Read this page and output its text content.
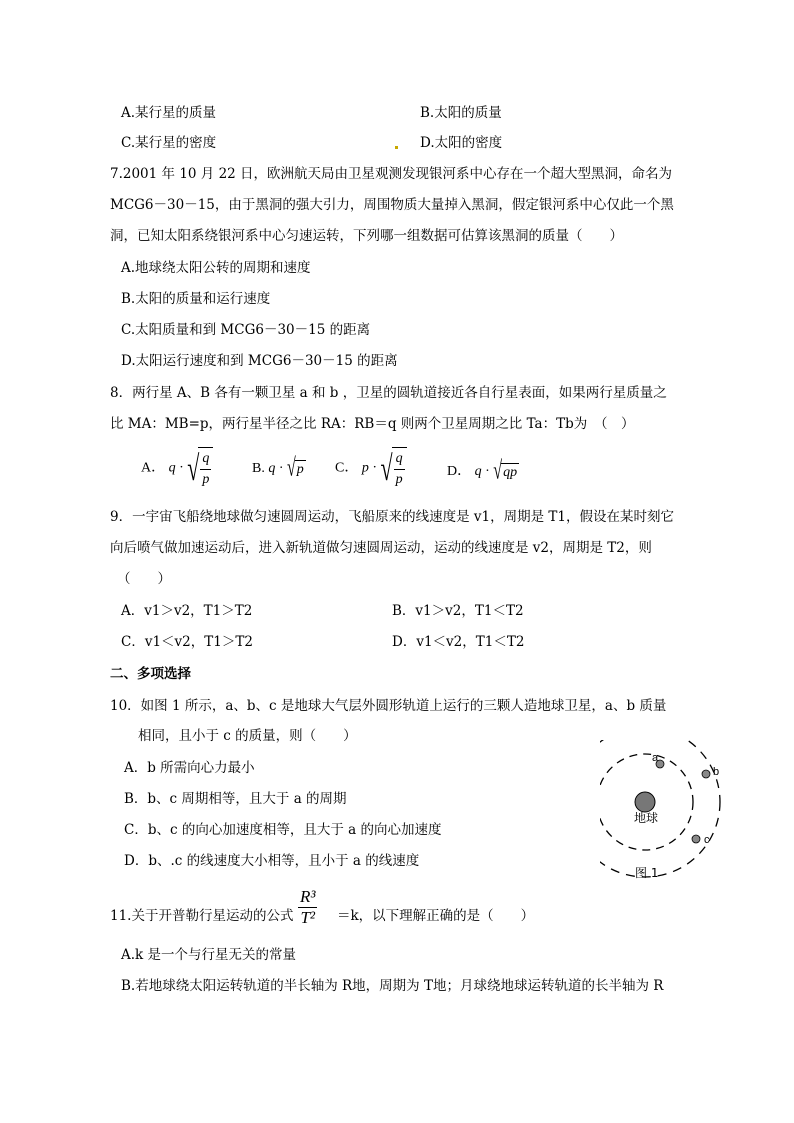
A.某行星的质量	B.太阳的质量
C.某行星的密度	D.太阳的密度
7.2001 年 10 月 22 日，欧洲航天局由卫星观测发现银河系中心存在一个超大型黑洞，命名为
MCG6－30－15，由于黑洞的强大引力，周围物质大量掉入黑洞，假定银河系中心仅此一个黑
洞，已知太阳系绕银河系中心匀速运转，下列哪一组数据可估算该黑洞的质量（　　）
A.地球绕太阳公转的周期和速度
B.太阳的质量和运行速度
C.太阳质量和到 MCG6－30－15 的距离
D.太阳运行速度和到 MCG6－30－15 的距离
8．两行星 A、B 各有一颗卫星 a 和 b ，卫星的圆轨道接近各自行星表面，如果两行星质量之
比 MA：MB=p，两行星半径之比 RA：RB＝q 则两个卫星周期之比 Ta：Tb为　（　）
A． q · √ $\frac{q}{p}$	B. q · √ p C． p · √ $\frac{q}{p}$	D． q · √ qp
9．一宇宙飞船绕地球做匀速圆周运动，飞船原来的线速度是 v1，周期是 T1，假设在某时刻它
向后喷气做加速运动后，进入新轨道做匀速圆周运动，运动的线速度是 v2，周期是 T2，则
（　　）
A．v1＞v2，T1＞T2	B．v1＞v2，T1＜T2
C．v1＜v2，T1＞T2	D．v1＜v2，T1＜T2
二、多项选择
10．如图 1 所示，a、b、c 是地球大气层外圆形轨道上运行的三颗人造地球卫星，a、b 质量
相同，且小于 c 的质量，则（　　）
A．b 所需向心力最小
B．b、c 周期相等，且大于 a 的周期
C．b、c 的向心加速度相等，且大于 a 的向心加速度
D．b、.c 的线速度大小相等，且小于 a 的线速度
a
b
c
地球
图 1
11.关于开普勒行星运动的公式 $\frac{\text{R³}}{\text{T²}} =k$，以下理解正确的是（　　）
A.k 是一个与行星无关的常量
B.若地球绕太阳运转轨道的半长轴为 R地，周期为 T地；月球绕地球运转轨道的长半轴为 R
